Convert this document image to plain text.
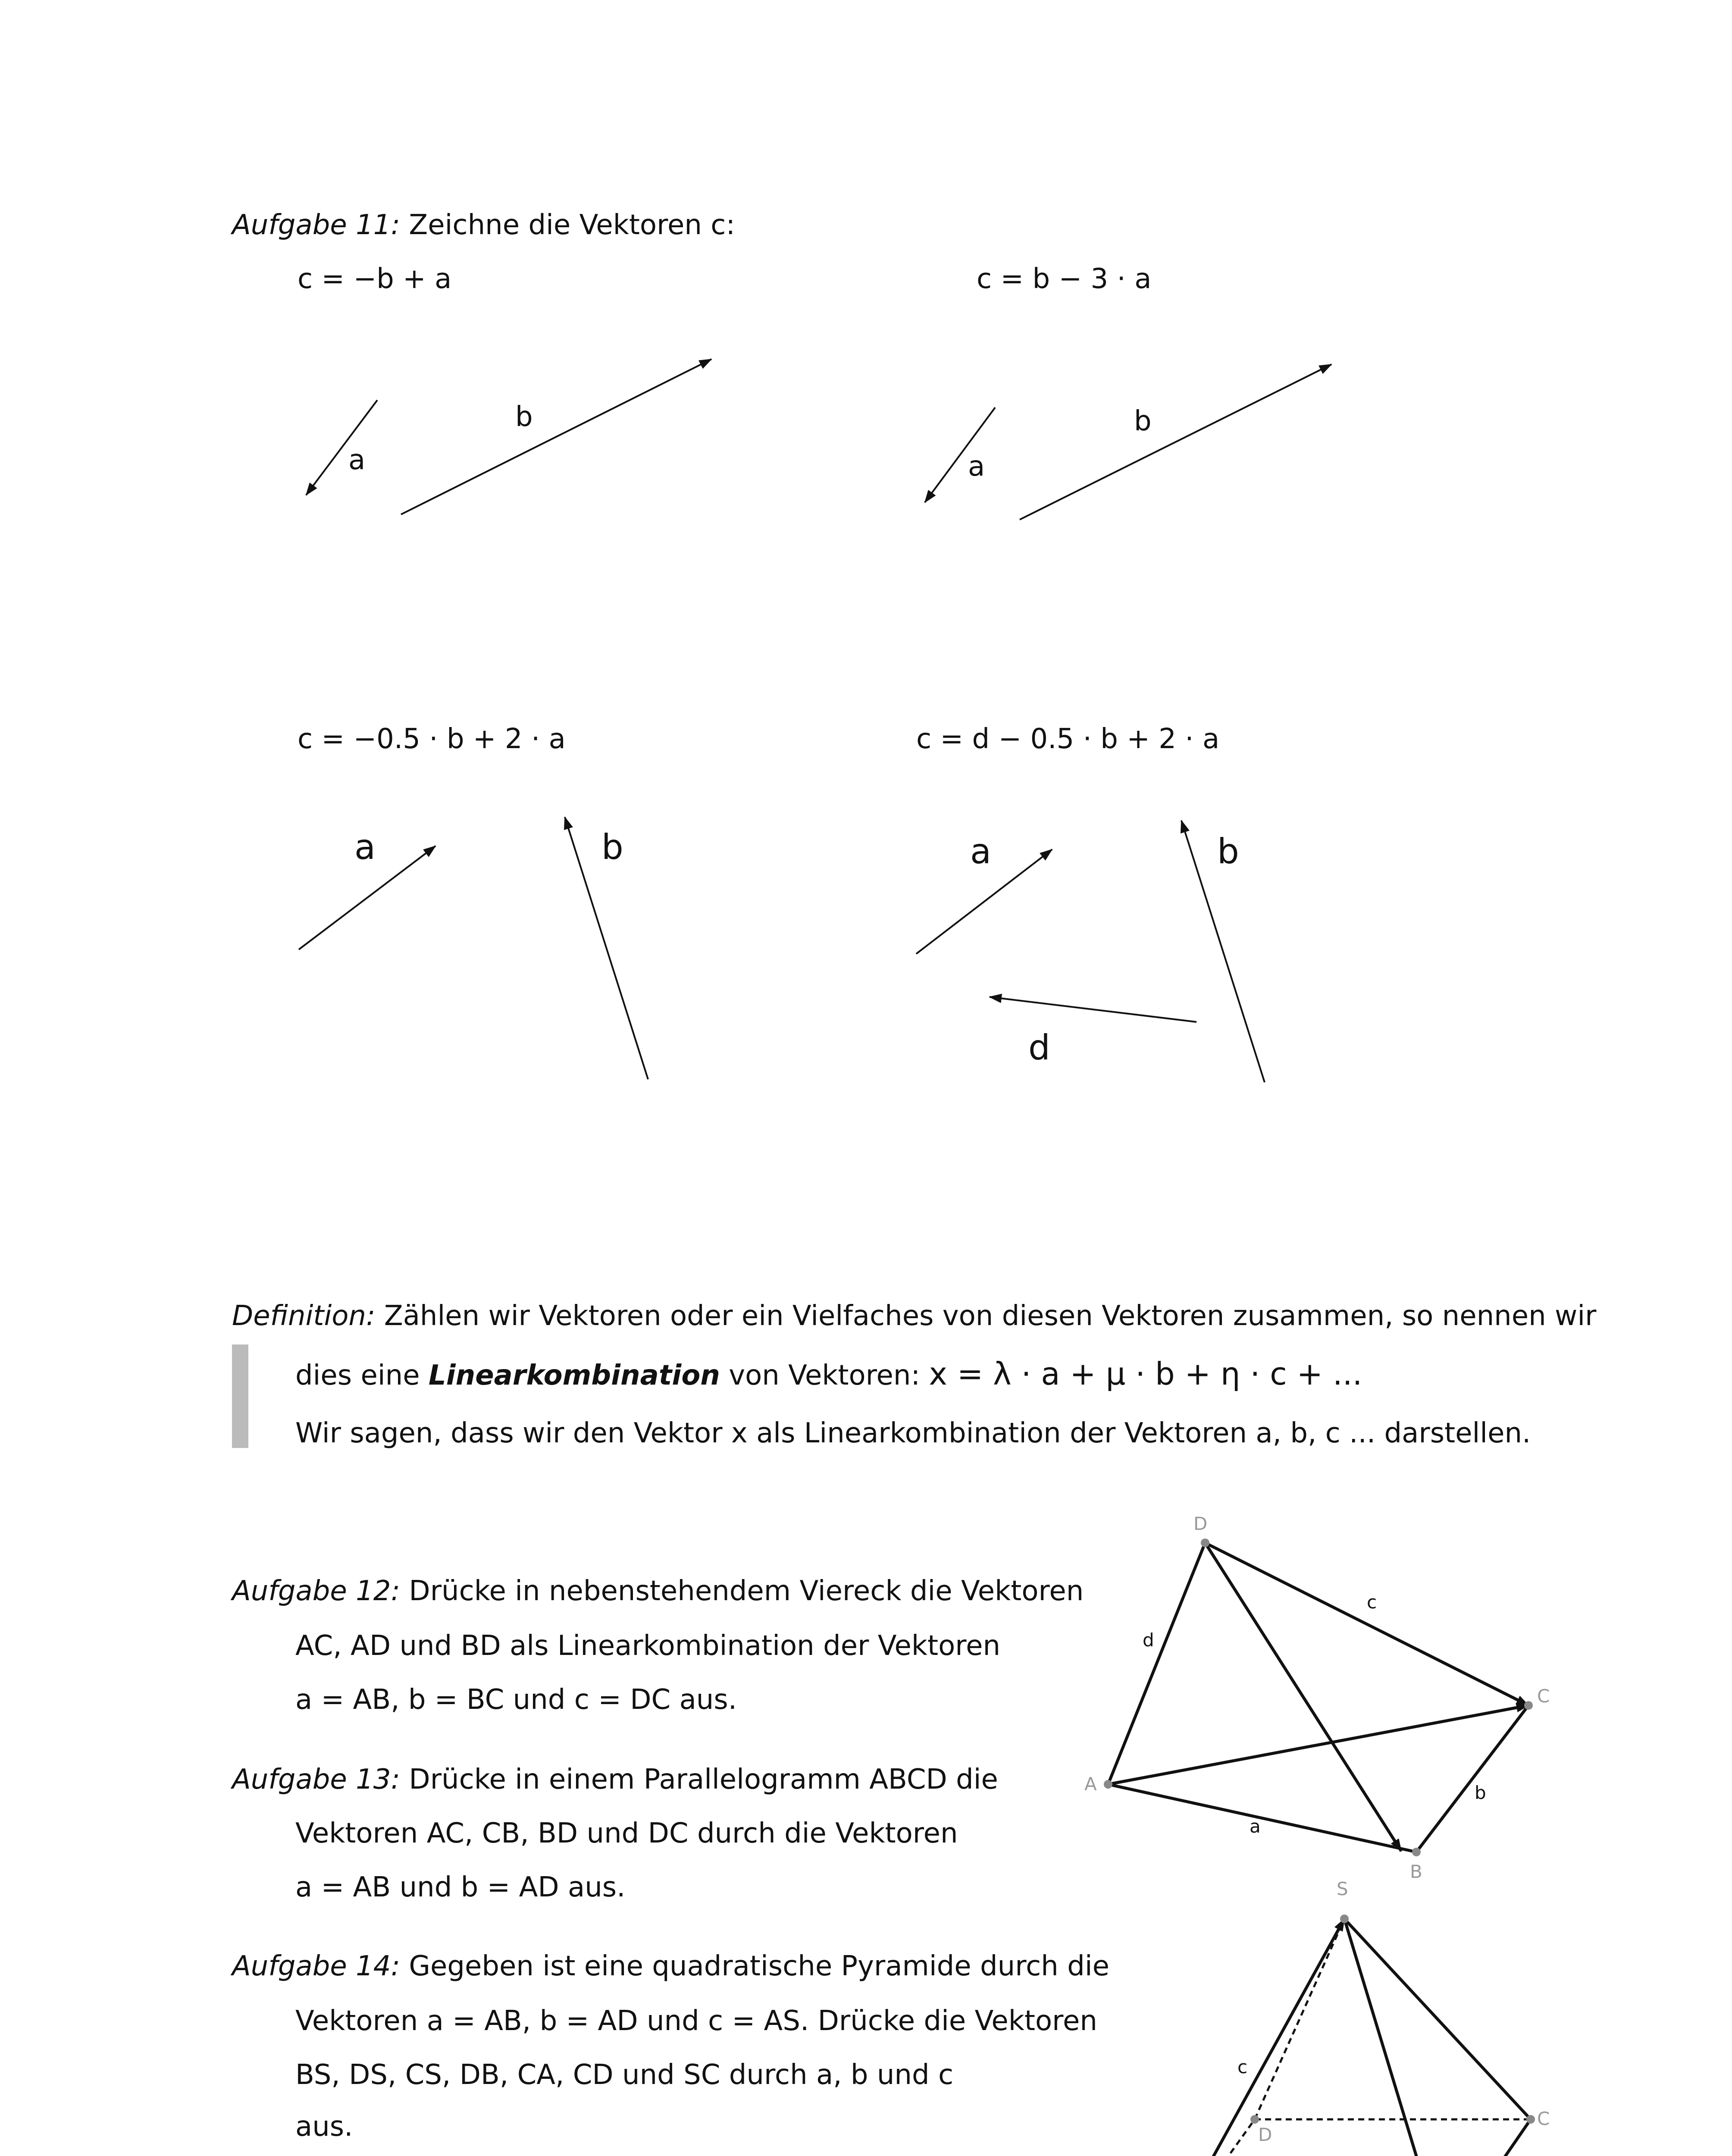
Aufgabe 11: Zeichne die Vektoren c:
c = −b + a	c = b − 3 · a
c = −0.5 · b + 2 · a	c = d − 0.5 · b + 2 · a
a
b
a
b
a	b	a	b
d
Definition: Zählen wir Vektoren oder ein Vielfaches von diesen Vektoren zusammen, so nennen wir
dies eine Linearkombination von Vektoren: x = λ · a + μ · b + η · c + ...
Wir sagen, dass wir den Vektor x als Linearkombination der Vektoren a, b, c ... darstellen.
Aufgabe 12: Drücke in nebenstehendem Viereck die Vektoren
AC, AD und BD als Linearkombination der Vektoren
a = AB, b = BC und c = DC aus.
Aufgabe 13: Drücke in einem Parallelogramm ABCD die
Vektoren AC, CB, BD und DC durch die Vektoren
a = AB und b = AD aus.
Aufgabe 14: Gegeben ist eine quadratische Pyramide durch die
Vektoren a = AB, b = AD und c = AS. Drücke die Vektoren
BS, DS, CS, DB, CA, CD und SC durch a, b und c
aus.
A
D
B
C
a
b
c
d
C
D
S
c
